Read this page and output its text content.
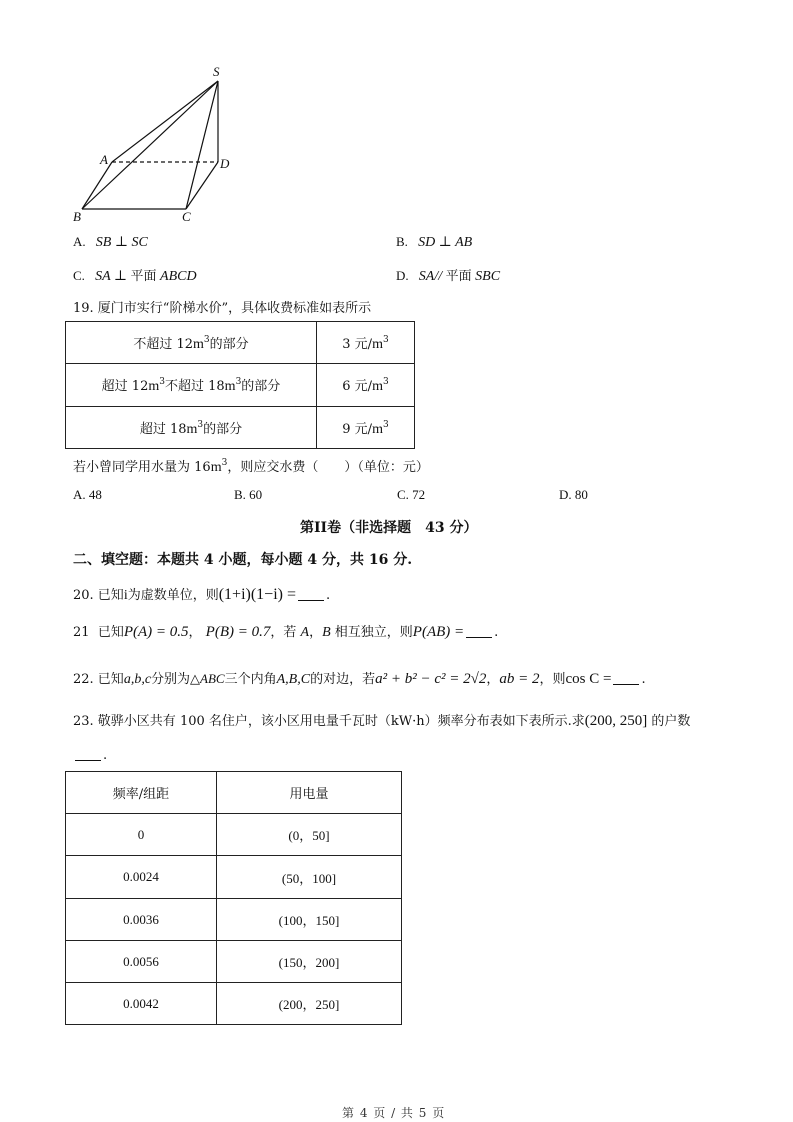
S
A	D
B	C
A. SB ⊥ SC	B. SD ⊥ AB
C. SA ⊥ 平面 ABCD	D. SA// 平面 SBC
19. 厦门市实行“阶梯水价”，具体收费标准如表所示
不超过 $12m^3$的部分	3 元$/m^3$
超过 $12m^3$不超过 $18m^3$的部分	6 元$/m^3$
超过 $18m^3$的部分	9 元$/m^3$
若小曾同学用水量为 $16m^3$，则应交水费（　　）（单位：元）
A. 48	B. 60	C. 72	D. 80
第II卷（非选择题　43 分）
二、填空题：本题共 4 小题，每小题 4 分，共 16 分.
20. 已知i为虚数单位，则(1+i)(1−i) = .
21 已知P(A) = 0.5， P(B) = 0.7，若 A，B 相互独立，则P(AB) = .
22. 已知a,b,c分别为△ABC三个内角A,B,C的对边，若a² + b² − c² = 2√2，ab = 2，则cos C = .
23. 敬骅小区共有 100 名住户，该小区用电量千瓦时（kW·h）频率分布表如下表所示.求(200, 250] 的户数
.
频率/组距	用电量
0	(0，50]
0.0024	(50，100]
0.0036	(100，150]
0.0056	(150，200]
0.0042	(200，250]
第 4 页 / 共 5 页
